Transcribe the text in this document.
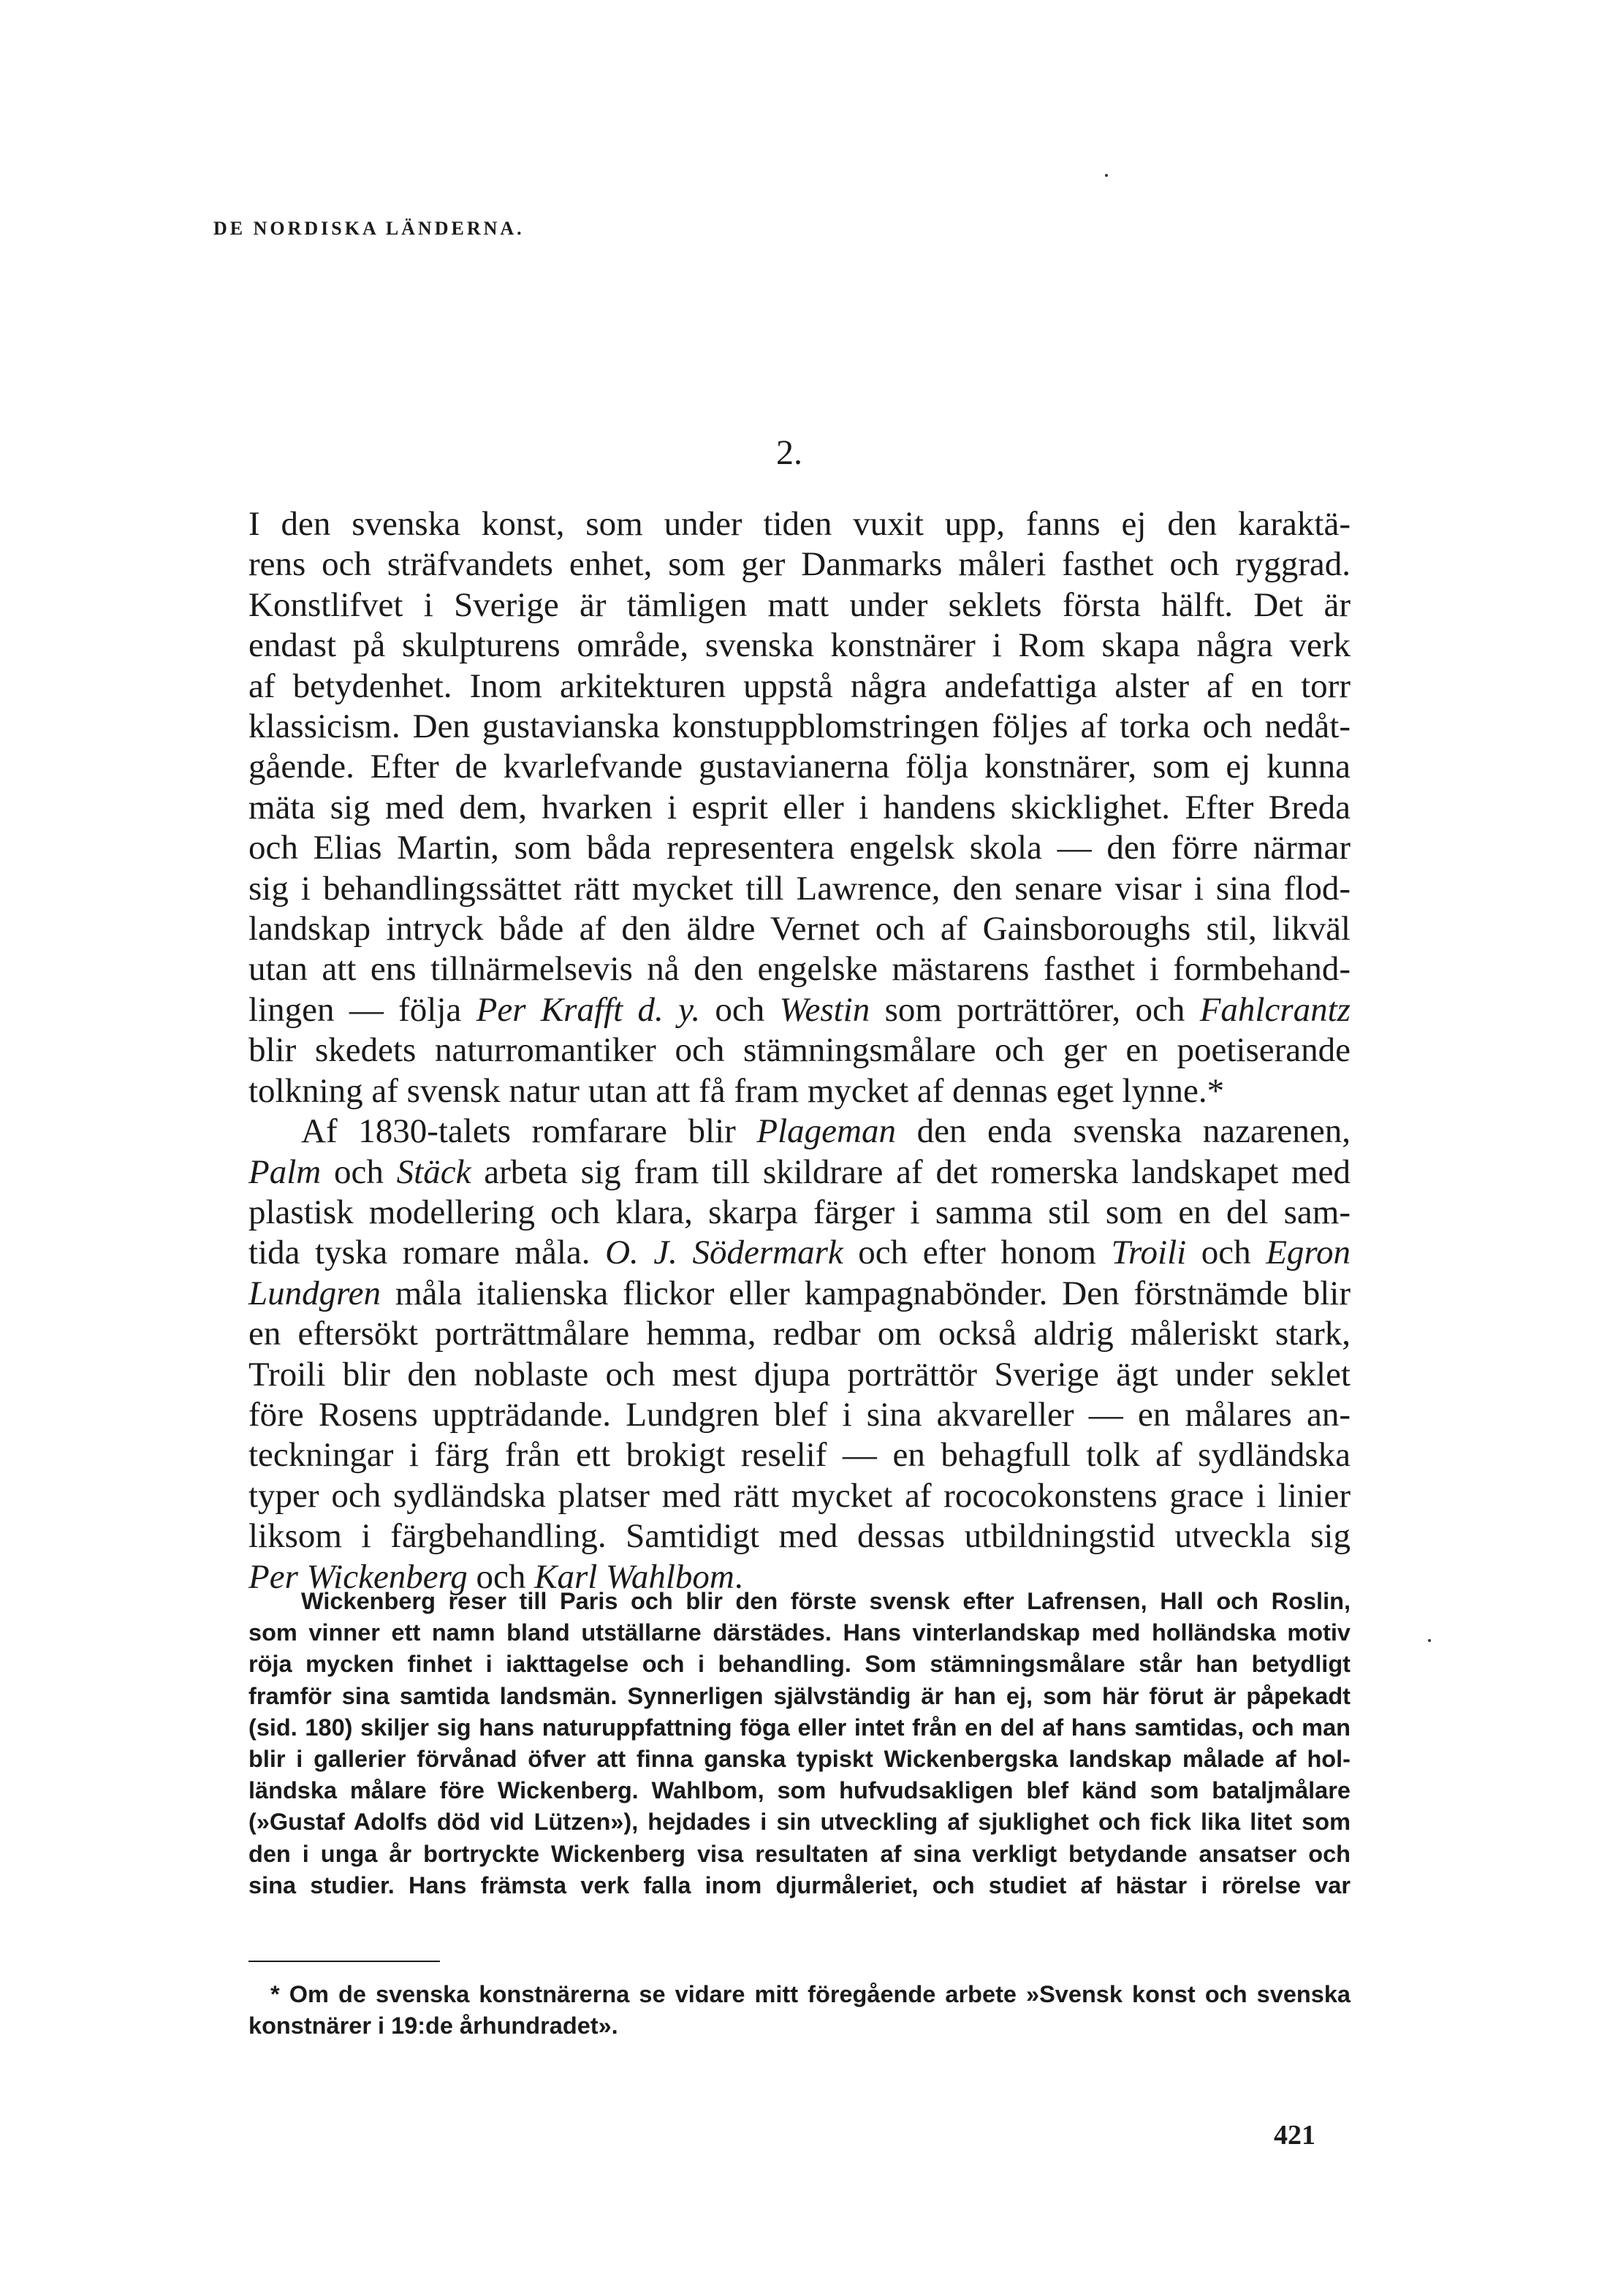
DE NORDISKA LÄNDERNA.
2.
I den svenska konst, som under tiden vuxit upp, fanns ej den karaktä-
rens och sträfvandets enhet, som ger Danmarks måleri fasthet och ryggrad.
Konstlifvet i Sverige är tämligen matt under seklets första hälft. Det är
endast på skulpturens område, svenska konstnärer i Rom skapa några verk
af betydenhet. Inom arkitekturen uppstå några andefattiga alster af en torr
klassicism. Den gustavianska konstuppblomstringen följes af torka och nedåt-
gående. Efter de kvarlefvande gustavianerna följa konstnärer, som ej kunna
mäta sig med dem, hvarken i esprit eller i handens skicklighet. Efter Breda
och Elias Martin, som båda representera engelsk skola — den förre närmar
sig i behandlingssättet rätt mycket till Lawrence, den senare visar i sina flod-
landskap intryck både af den äldre Vernet och af Gainsboroughs stil, likväl
utan att ens tillnärmelsevis nå den engelske mästarens fasthet i formbehand-
lingen — följa Per Krafft d. y. och Westin som porträttörer, och Fahlcrantz
blir skedets naturromantiker och stämningsmålare och ger en poetiserande
tolkning af svensk natur utan att få fram mycket af dennas eget lynne.*
Af 1830-talets romfarare blir Plageman den enda svenska nazarenen,
Palm och Stäck arbeta sig fram till skildrare af det romerska landskapet med
plastisk modellering och klara, skarpa färger i samma stil som en del sam-
tida tyska romare måla. O. J. Södermark och efter honom Troili och Egron
Lundgren måla italienska flickor eller kampagnabönder. Den förstnämde blir
en eftersökt porträttmålare hemma, redbar om också aldrig måleriskt stark,
Troili blir den noblaste och mest djupa porträttör Sverige ägt under seklet
före Rosens uppträdande. Lundgren blef i sina akvareller — en målares an-
teckningar i färg från ett brokigt reselif — en behagfull tolk af sydländska
typer och sydländska platser med rätt mycket af rococokonstens grace i linier
liksom i färgbehandling. Samtidigt med dessas utbildningstid utveckla sig
Per Wickenberg och Karl Wahlbom.
Wickenberg reser till Paris och blir den förste svensk efter Lafrensen, Hall och Roslin,
som vinner ett namn bland utställarne därstädes. Hans vinterlandskap med holländska motiv
röja mycken finhet i iakttagelse och i behandling. Som stämningsmålare står han betydligt
framför sina samtida landsmän. Synnerligen självständig är han ej, som här förut är påpekadt
(sid. 180) skiljer sig hans naturuppfattning föga eller intet från en del af hans samtidas, och man
blir i gallerier förvånad öfver att finna ganska typiskt Wickenbergska landskap målade af hol-
ländska målare före Wickenberg. Wahlbom, som hufvudsakligen blef känd som bataljmålare
(»Gustaf Adolfs död vid Lützen»), hejdades i sin utveckling af sjuklighet och fick lika litet som
den i unga år bortryckte Wickenberg visa resultaten af sina verkligt betydande ansatser och
sina studier. Hans främsta verk falla inom djurmåleriet, och studiet af hästar i rörelse var
* Om de svenska konstnärerna se vidare mitt föregående arbete »Svensk konst och svenska
konstnärer i 19:de århundradet».
421
